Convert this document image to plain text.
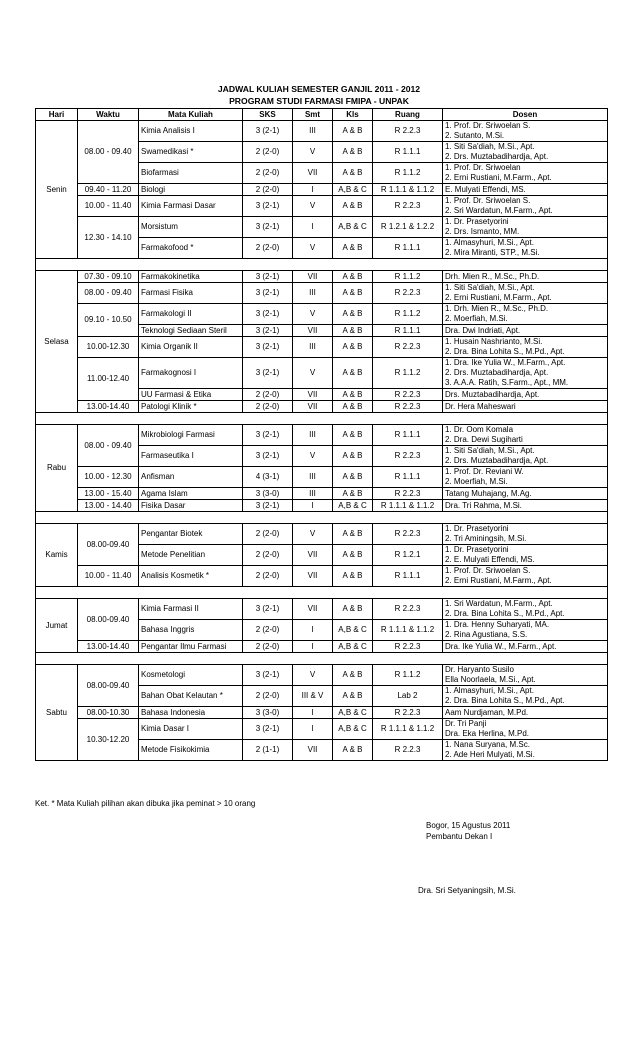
JADWAL KULIAH SEMESTER GANJIL 2011 - 2012
PROGRAM STUDI FARMASI FMIPA - UNPAK
Hari	Waktu	Mata Kuliah	SKS	Smt	Kls	Ruang	Dosen
Senin	08.00 - 09.40	Kimia Analisis I	3 (2-1)	III	A & B	R 2.2.3	1. Prof. Dr. Sriwoelan S.
2. Sutanto, M.Si.

		Swamedikasi *	2 (2-0)	V	A & B	R 1.1.1	1. Siti Sa'diah, M.Si., Apt.
2. Drs. Muztabadihardja, Apt.

		Biofarmasi	2 (2-0)	VII	A & B	R 1.1.2	1. Prof. Dr. Sriwoelan
2. Erni Rustiani, M.Farm., Apt.

	09.40 - 11.20	Biologi	2 (2-0)	I	A,B & C	R 1.1.1 & 1.1.2	E. Mulyati Effendi, MS.

	10.00 - 11.40	Kimia Farmasi Dasar	3 (2-1)	V	A & B	R 2.2.3	1. Prof. Dr. Sriwoelan S.
2. Sri Wardatun, M.Farm., Apt.

	12.30 - 14.10	Morsistum	3 (2-1)	I	A,B & C	R 1.2.1 & 1.2.2	1. Dr. Prasetyorini
2. Drs. Ismanto, MM.

		Farmakofood *	2 (2-0)	V	A & B	R 1.1.1	1. Almasyhuri, M.Si., Apt.
2. Mira Miranti, STP., M.Si.

Selasa	07.30 - 09.10	Farmakokinetika	3 (2-1)	VII	A & B	R 1.1.2	Drh. Mien R., M.Sc., Ph.D.

	08.00 - 09.40	Farmasi Fisika	3 (2-1)	III	A & B	R 2.2.3	1. Siti Sa'diah, M.Si., Apt.
2. Erni Rustiani, M.Farm., Apt.

	09.10 - 10.50	Farmakologi II	3 (2-1)	V	A & B	R 1.1.2	1. Drh. Mien R., M.Sc., Ph.D.
2. Moerfiah, M.Si.

		Teknologi Sediaan Steril	3 (2-1)	VII	A & B	R 1.1.1	Dra. Dwi Indriati, Apt.

	10.00-12.30	Kimia Organik II	3 (2-1)	III	A & B	R 2.2.3	1. Husain Nashrianto, M.Si.
2. Dra. Bina Lohita S., M.Pd., Apt.

	11.00-12.40	Farmakognosi I	3 (2-1)	V	A & B	R 1.1.2	1. Dra. Ike Yulia W., M.Farm., Apt.
2. Drs. Muztabadihardja, Apt.
3. A.A.A. Ratih, S.Farm., Apt., MM.

		UU Farmasi & Etika	2 (2-0)	VII	A & B	R 2.2.3	Drs. Muztabadihardja, Apt.

	13.00-14.40	Patologi Klinik *	2 (2-0)	VII	A & B	R 2.2.3	Dr. Hera Maheswari

Rabu	08.00 - 09.40	Mikrobiologi Farmasi	3 (2-1)	III	A & B	R 1.1.1	1. Dr. Oom Komala
2. Dra. Dewi Sugiharti

		Farmaseutika I	3 (2-1)	V	A & B	R 2.2.3	1. Siti Sa'diah, M.Si., Apt.
2. Drs. Muztabadihardja, Apt.

	10.00 - 12.30	Anfisman	4 (3-1)	III	A & B	R 1.1.1	1. Prof. Dr. Reviani W.
2. Moerfiah, M.Si.

	13.00 - 15.40	Agama Islam	3 (3-0)	III	A & B	R 2.2.3	Tatang Muhajang, M.Ag.

	13.00 - 14.40	Fisika Dasar	3 (2-1)	I	A,B & C	R 1.1.1 & 1.1.2	Dra. Tri Rahma, M.Si.

Kamis	08.00-09.40	Pengantar Biotek	2 (2-0)	V	A & B	R 2.2.3	1. Dr. Prasetyorini
2. Tri Aminingsih, M.Si.

		Metode Penelitian	2 (2-0)	VII	A & B	R 1.2.1	1. Dr. Prasetyorini
2. E. Mulyati Effendi, MS.

	10.00 - 11.40	Analisis Kosmetik *	2 (2-0)	VII	A & B	R 1.1.1	1. Prof. Dr. Sriwoelan S.
2. Erni Rustiani, M.Farm., Apt.

Jumat	08.00-09.40	Kimia Farmasi II	3 (2-1)	VII	A & B	R 2.2.3	1. Sri Wardatun, M.Farm., Apt.
2. Dra. Bina Lohita S., M.Pd., Apt.

		Bahasa Inggris	2 (2-0)	I	A,B & C	R 1.1.1 & 1.1.2	1. Dra. Henny Suharyati, MA.
2. Rina Agustiana, S.S.

	13.00-14.40	Pengantar Ilmu Farmasi	2 (2-0)	I	A,B & C	R 2.2.3	Dra. Ike Yulia W., M.Farm., Apt.

Sabtu	08.00-09.40	Kosmetologi	3 (2-1)	V	A & B	R 1.1.2	Dr. Haryanto Susilo
Ella Noorlaela, M.Si., Apt.

		Bahan Obat Kelautan *	2 (2-0)	III & V	A & B	Lab 2	1. Almasyhuri, M.Si., Apt.
2. Dra. Bina Lohita S., M.Pd., Apt.

	08.00-10.30	Bahasa Indonesia	3 (3-0)	I	A,B & C	R 2.2.3	Aam Nurdjaman, M.Pd.

	10.30-12.20	Kimia Dasar I	3 (2-1)	I	A,B & C	R 1.1.1 & 1.1.2	Dr. Tri Panji
Dra. Eka Herlina, M.Pd.

		Metode Fisikokimia	2 (1-1)	VII	A & B	R 2.2.3	1. Nana Suryana, M.Sc.
2. Ade Heri Mulyati, M.Si.
Ket. * Mata Kuliah pilihan akan dibuka jika peminat > 10 orang
Bogor, 15 Agustus 2011
Pembantu Dekan I
Dra. Sri Setyaningsih, M.Si.
